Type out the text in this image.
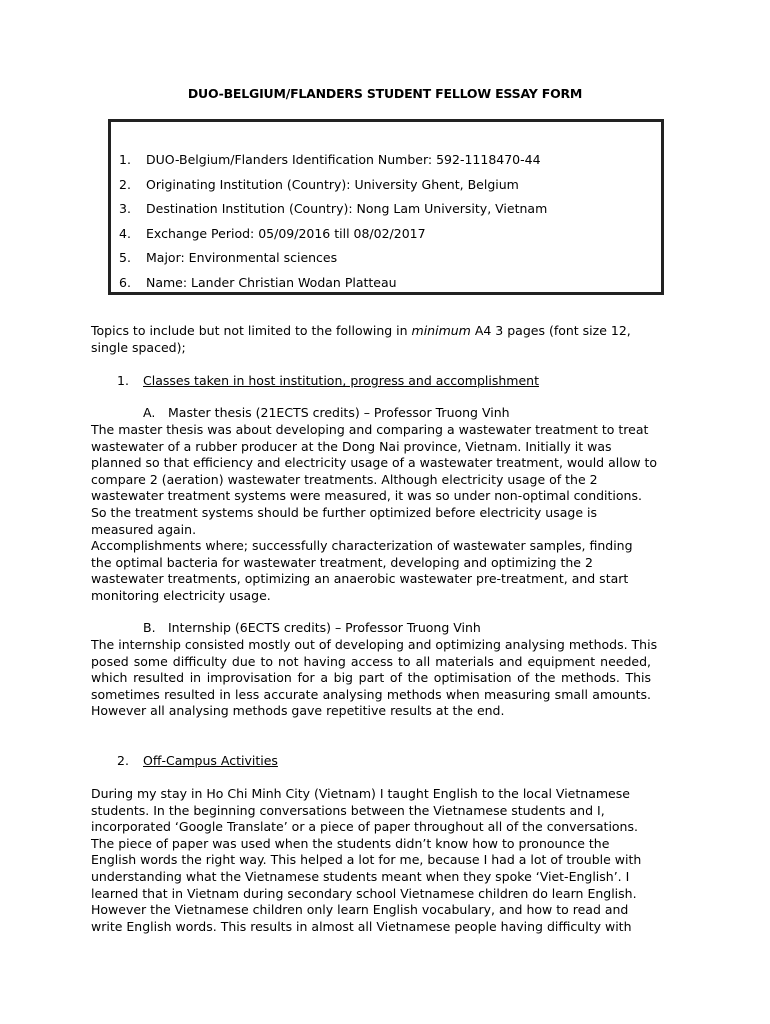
DUO-BELGIUM/FLANDERS STUDENT FELLOW ESSAY FORM
1. DUO-Belgium/Flanders Identification Number: 592-1118470-44
2. Originating Institution (Country): University Ghent, Belgium
3. Destination Institution (Country): Nong Lam University, Vietnam
4. Exchange Period: 05/09/2016 till 08/02/2017
5. Major: Environmental sciences
6. Name: Lander Christian Wodan Platteau
Topics to include but not limited to the following in minimum A4 3 pages (font size 12,
single spaced);
1. Classes taken in host institution, progress and accomplishment
A. Master thesis (21ECTS credits) – Professor Truong Vinh
The master thesis was about developing and comparing a wastewater treatment to treat
wastewater of a rubber producer at the Dong Nai province, Vietnam. Initially it was
planned so that efficiency and electricity usage of a wastewater treatment, would allow to
compare 2 (aeration) wastewater treatments. Although electricity usage of the 2
wastewater treatment systems were measured, it was so under non-optimal conditions.
So the treatment systems should be further optimized before electricity usage is
measured again.
Accomplishments where; successfully characterization of wastewater samples, finding
the optimal bacteria for wastewater treatment, developing and optimizing the 2
wastewater treatments, optimizing an anaerobic wastewater pre-treatment, and start
monitoring electricity usage.
B. Internship (6ECTS credits) – Professor Truong Vinh
The internship consisted mostly out of developing and optimizing analysing methods. This
posed some difficulty due to not having access to all materials and equipment needed,
which resulted in improvisation for a big part of the optimisation of the methods. This
sometimes resulted in less accurate analysing methods when measuring small amounts.
However all analysing methods gave repetitive results at the end.
2. Off-Campus Activities
During my stay in Ho Chi Minh City (Vietnam) I taught English to the local Vietnamese
students. In the beginning conversations between the Vietnamese students and I,
incorporated ‘Google Translate’ or a piece of paper throughout all of the conversations.
The piece of paper was used when the students didn’t know how to pronounce the
English words the right way. This helped a lot for me, because I had a lot of trouble with
understanding what the Vietnamese students meant when they spoke ‘Viet-English’. I
learned that in Vietnam during secondary school Vietnamese children do learn English.
However the Vietnamese children only learn English vocabulary, and how to read and
write English words. This results in almost all Vietnamese people having difficulty with
